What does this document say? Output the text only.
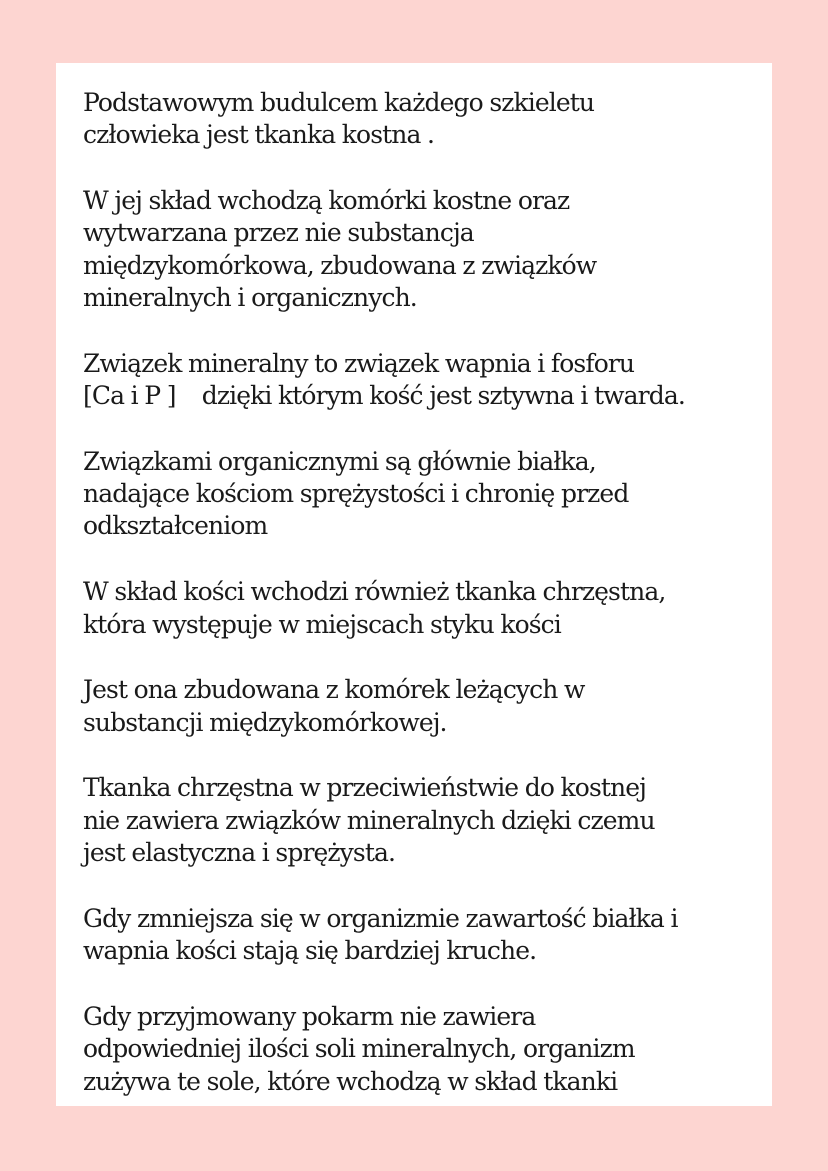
Podstawowym budulcem każdego szkieletu
człowieka jest tkanka kostna .

W jej skład wchodzą komórki kostne oraz
wytwarzana przez nie substancja
międzykomórkowa, zbudowana z związków
mineralnych i organicznych.

Związek mineralny to związek wapnia i fosforu
[Ca i P ]    dzięki którym kość jest sztywna i twarda.

Związkami organicznymi są głównie białka,
nadające kościom sprężystości i chronię przed
odkształceniom

W skład kości wchodzi również tkanka chrzęstna,
która występuje w miejscach styku kości

Jest ona zbudowana z komórek leżących w
substancji międzykomórkowej.

Tkanka chrzęstna w przeciwieństwie do kostnej
nie zawiera związków mineralnych dzięki czemu
jest elastyczna i sprężysta.

Gdy zmniejsza się w organizmie zawartość białka i
wapnia kości stają się bardziej kruche.

Gdy przyjmowany pokarm nie zawiera
odpowiedniej ilości soli mineralnych, organizm
zużywa te sole, które wchodzą w skład tkanki
